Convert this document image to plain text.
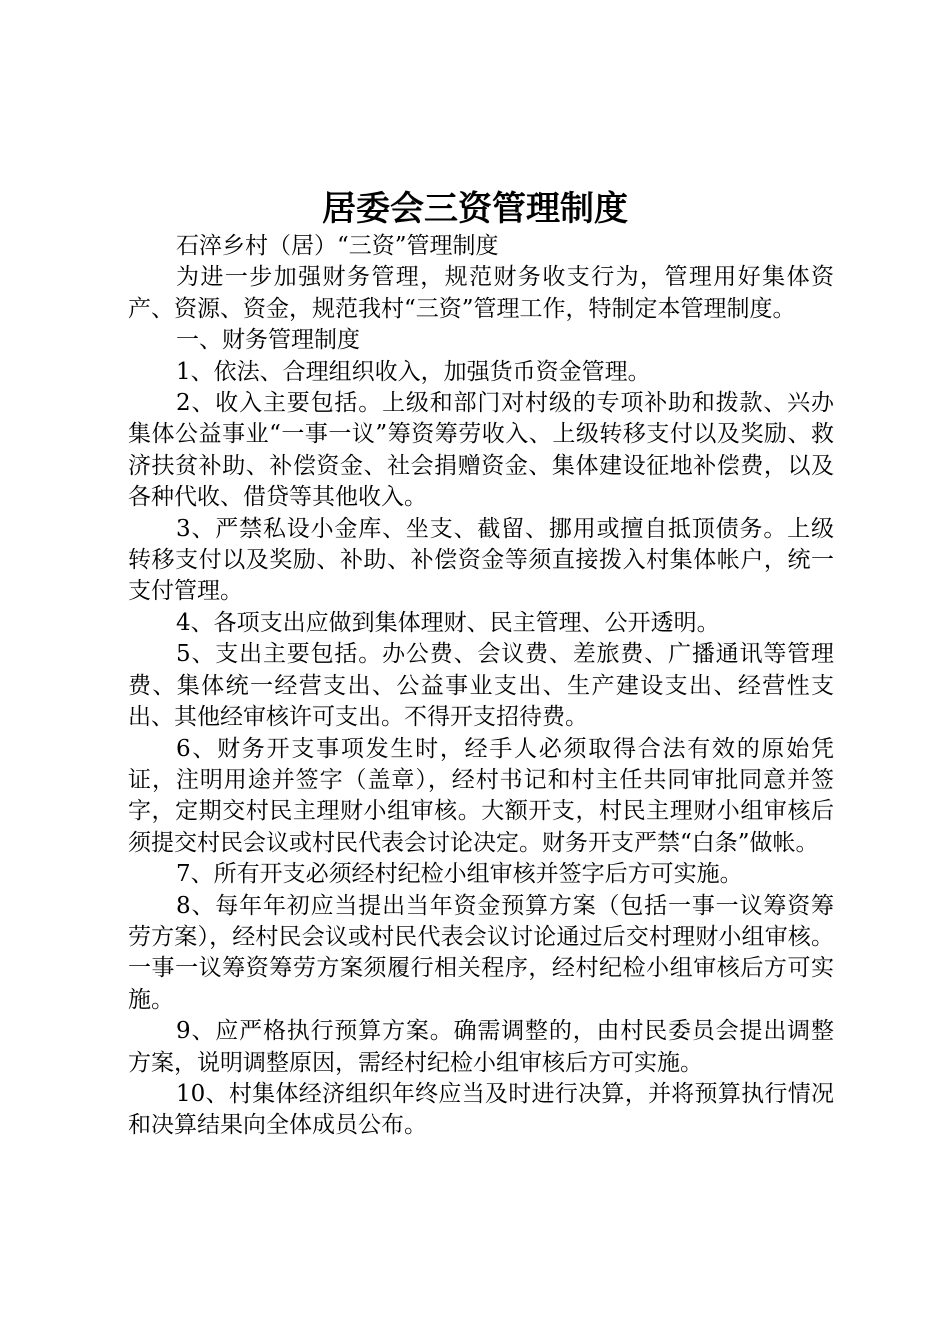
居委会三资管理制度

石淬乡村（居）“三资”管理制度

为进一步加强财务管理，规范财务收支行为，管理用好集体资产、资源、资金，规范我村“三资”管理工作，特制定本管理制度。

一、财务管理制度

1、依法、合理组织收入，加强货币资金管理。

2、收入主要包括。上级和部门对村级的专项补助和拨款、兴办集体公益事业“一事一议”筹资筹劳收入、上级转移支付以及奖励、救济扶贫补助、补偿资金、社会捐赠资金、集体建设征地补偿费，以及各种代收、借贷等其他收入。

3、严禁私设小金库、坐支、截留、挪用或擅自抵顶债务。上级转移支付以及奖励、补助、补偿资金等须直接拨入村集体帐户，统一支付管理。

4、各项支出应做到集体理财、民主管理、公开透明。

5、支出主要包括。办公费、会议费、差旅费、广播通讯等管理费、集体统一经营支出、公益事业支出、生产建设支出、经营性支出、其他经审核许可支出。不得开支招待费。

6、财务开支事项发生时，经手人必须取得合法有效的原始凭证，注明用途并签字（盖章），经村书记和村主任共同审批同意并签字，定期交村民主理财小组审核。大额开支，村民主理财小组审核后须提交村民会议或村民代表会讨论决定。财务开支严禁“白条”做帐。

7、所有开支必须经村纪检小组审核并签字后方可实施。

8、每年年初应当提出当年资金预算方案（包括一事一议筹资筹劳方案），经村民会议或村民代表会议讨论通过后交村理财小组审核。一事一议筹资筹劳方案须履行相关程序，经村纪检小组审核后方可实施。

9、应严格执行预算方案。确需调整的，由村民委员会提出调整方案，说明调整原因，需经村纪检小组审核后方可实施。

10、村集体经济组织年终应当及时进行决算，并将预算执行情况和决算结果向全体成员公布。
